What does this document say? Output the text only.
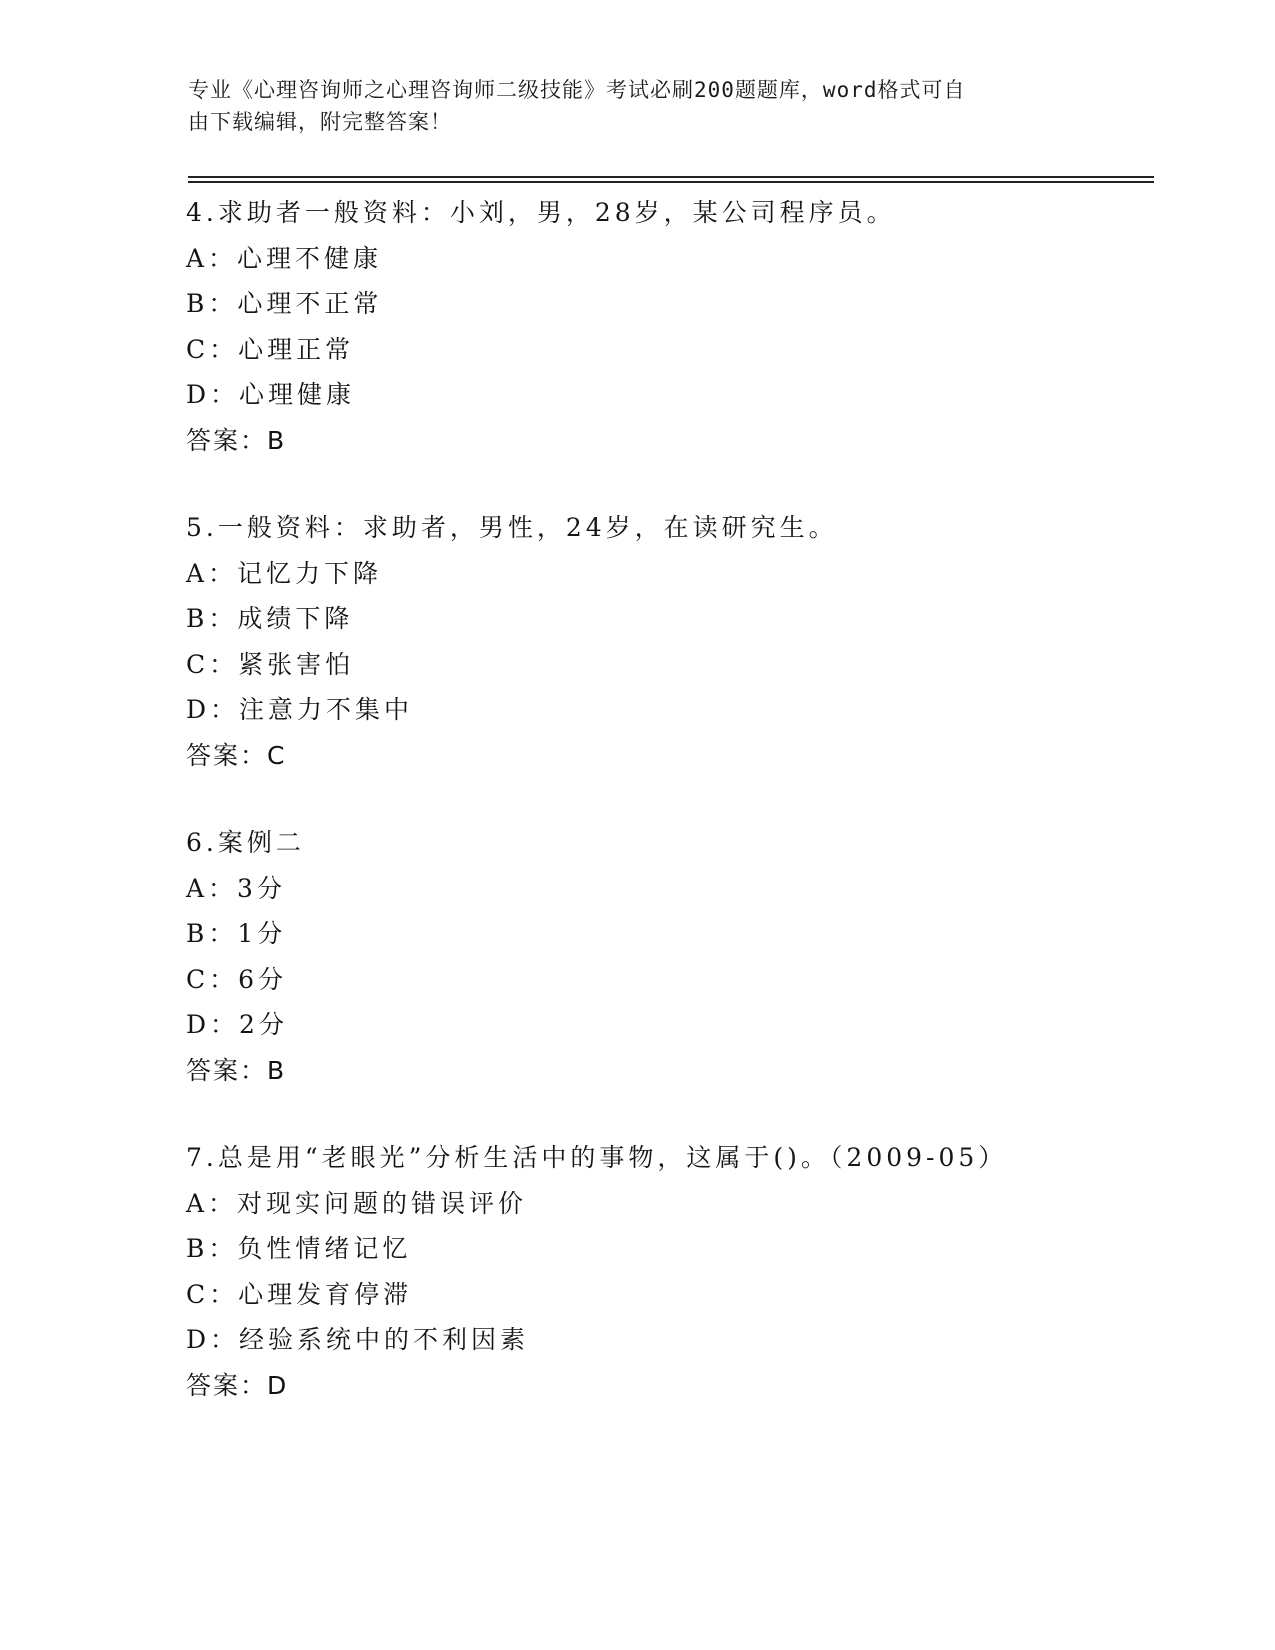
专业《心理咨询师之心理咨询师二级技能》考试必刷200题题库，word格式可自
由下载编辑，附完整答案！
4.求助者一般资料：小刘，男，28岁，某公司程序员。
A：心理不健康
B：心理不正常
C：心理正常
D：心理健康
答案：B
5.一般资料：求助者，男性，24岁，在读研究生。
A：记忆力下降
B：成绩下降
C：紧张害怕
D：注意力不集中
答案：C
6.案例二
A：3分
B：1分
C：6分
D：2分
答案：B
7.总是用“老眼光”分析生活中的事物，这属于()。（2009-05）
A：对现实问题的错误评价
B：负性情绪记忆
C：心理发育停滞
D：经验系统中的不利因素
答案：D
